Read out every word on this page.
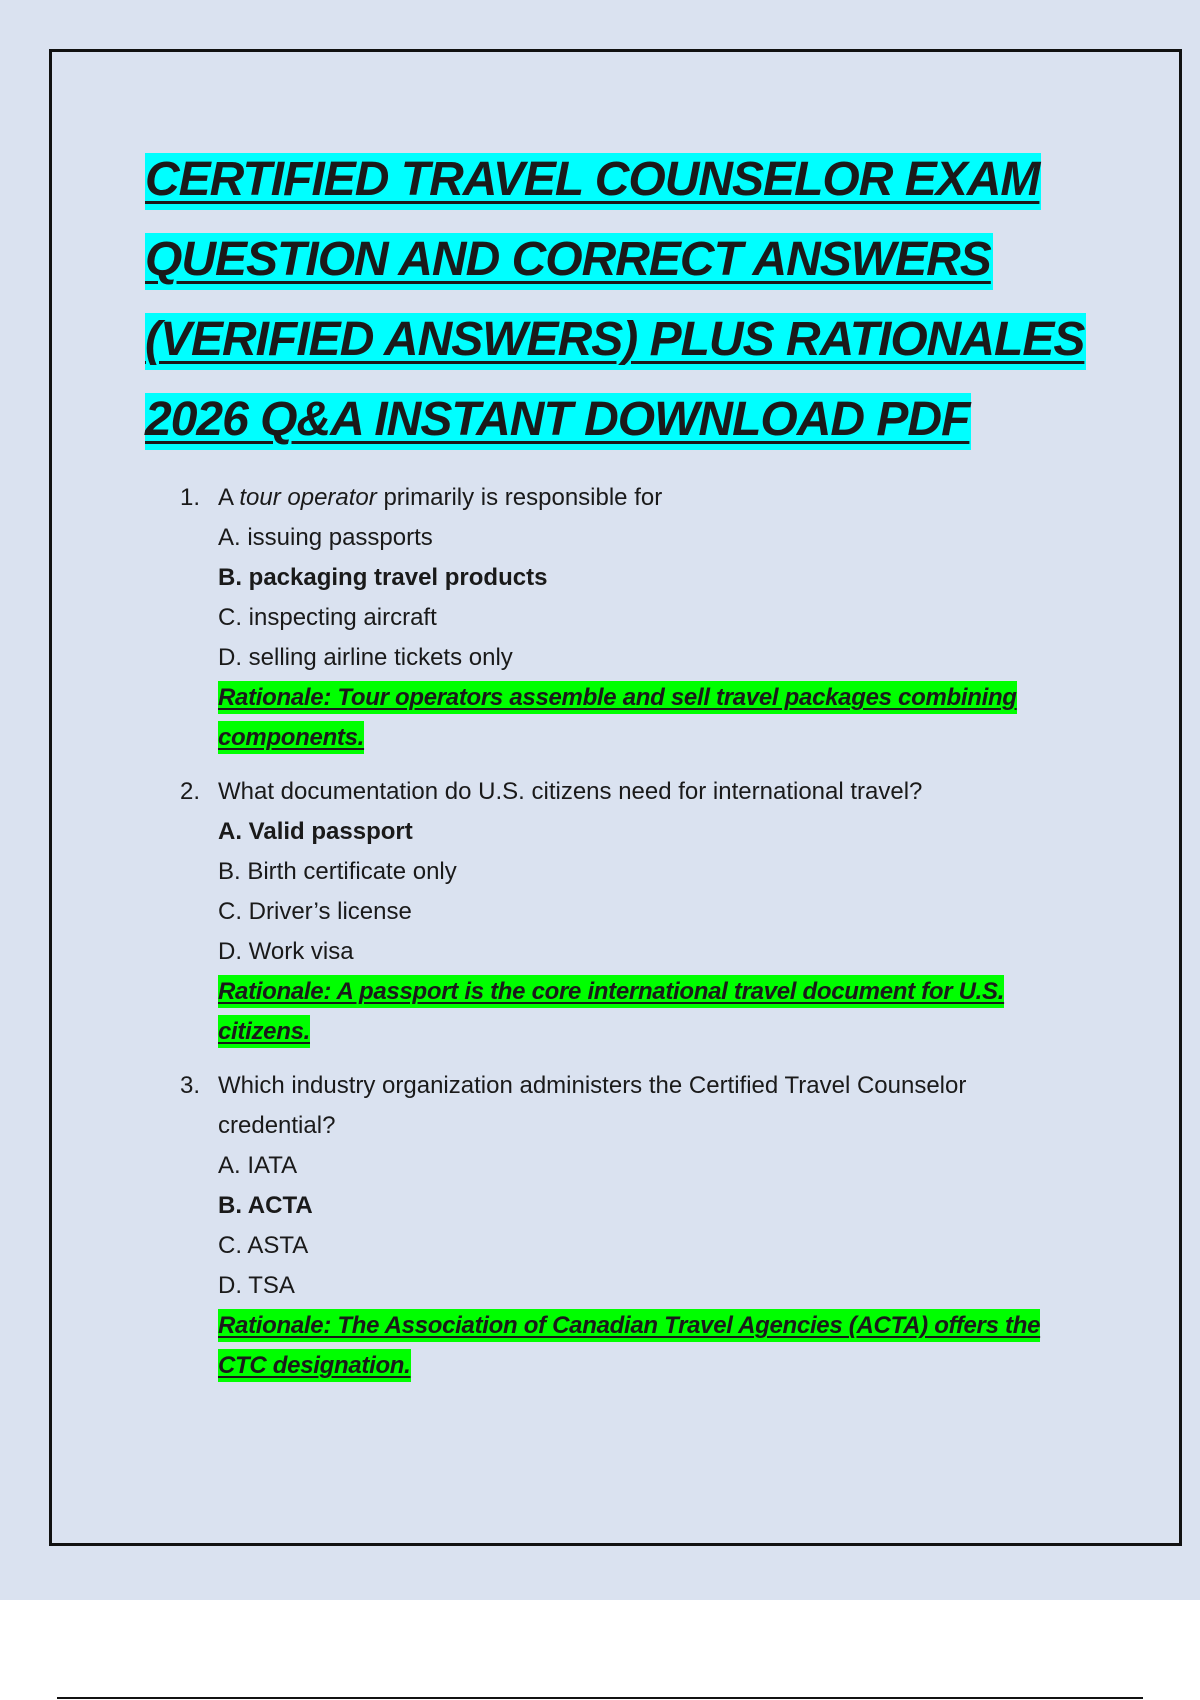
CERTIFIED TRAVEL COUNSELOR EXAM
QUESTION AND CORRECT ANSWERS
(VERIFIED ANSWERS) PLUS RATIONALES
2026 Q&A INSTANT DOWNLOAD PDF
1. A tour operator primarily is responsible for
A. issuing passports
B. packaging travel products
C. inspecting aircraft
D. selling airline tickets only
Rationale: Tour operators assemble and sell travel packages combining components.
2. What documentation do U.S. citizens need for international travel?
A. Valid passport
B. Birth certificate only
C. Driver’s license
D. Work visa
Rationale: A passport is the core international travel document for U.S. citizens.
3. Which industry organization administers the Certified Travel Counselor credential?
A. IATA
B. ACTA
C. ASTA
D. TSA
Rationale: The Association of Canadian Travel Agencies (ACTA) offers the CTC designation.
